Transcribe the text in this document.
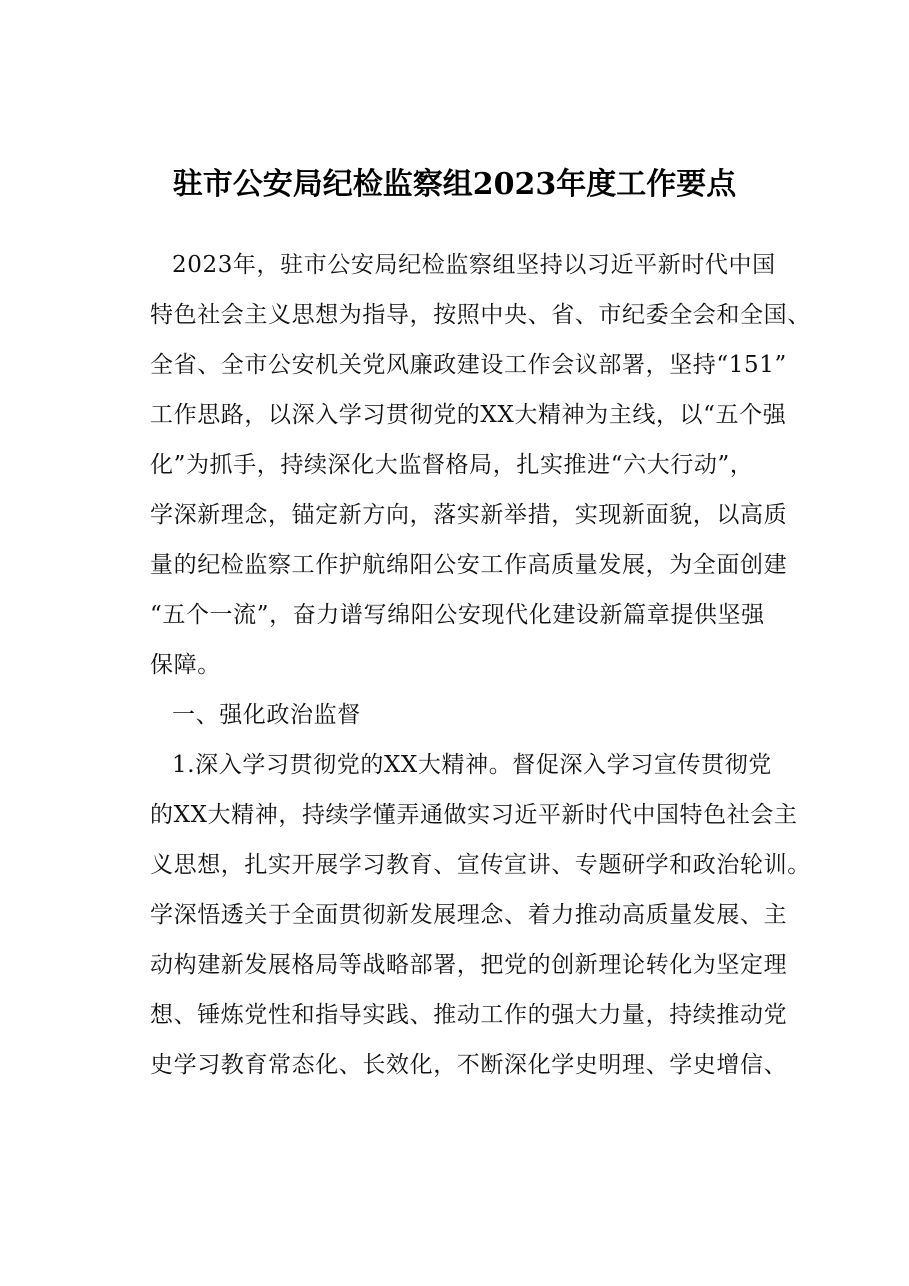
驻市公安局纪检监察组2023年度工作要点
2023年，驻市公安局纪检监察组坚持以习近平新时代中国
特色社会主义思想为指导，按照中央、省、市纪委全会和全国、
全省、全市公安机关党风廉政建设工作会议部署，坚持“151”
工作思路，以深入学习贯彻党的XX大精神为主线，以“五个强
化”为抓手，持续深化大监督格局，扎实推进“六大行动”，
学深新理念，锚定新方向，落实新举措，实现新面貌，以高质
量的纪检监察工作护航绵阳公安工作高质量发展，为全面创建
“五个一流”，奋力谱写绵阳公安现代化建设新篇章提供坚强
保障。
一、强化政治监督
1.深入学习贯彻党的XX大精神。督促深入学习宣传贯彻党
的XX大精神，持续学懂弄通做实习近平新时代中国特色社会主
义思想，扎实开展学习教育、宣传宣讲、专题研学和政治轮训。
学深悟透关于全面贯彻新发展理念、着力推动高质量发展、主
动构建新发展格局等战略部署，把党的创新理论转化为坚定理
想、锤炼党性和指导实践、推动工作的强大力量，持续推动党
史学习教育常态化、长效化，不断深化学史明理、学史增信、
